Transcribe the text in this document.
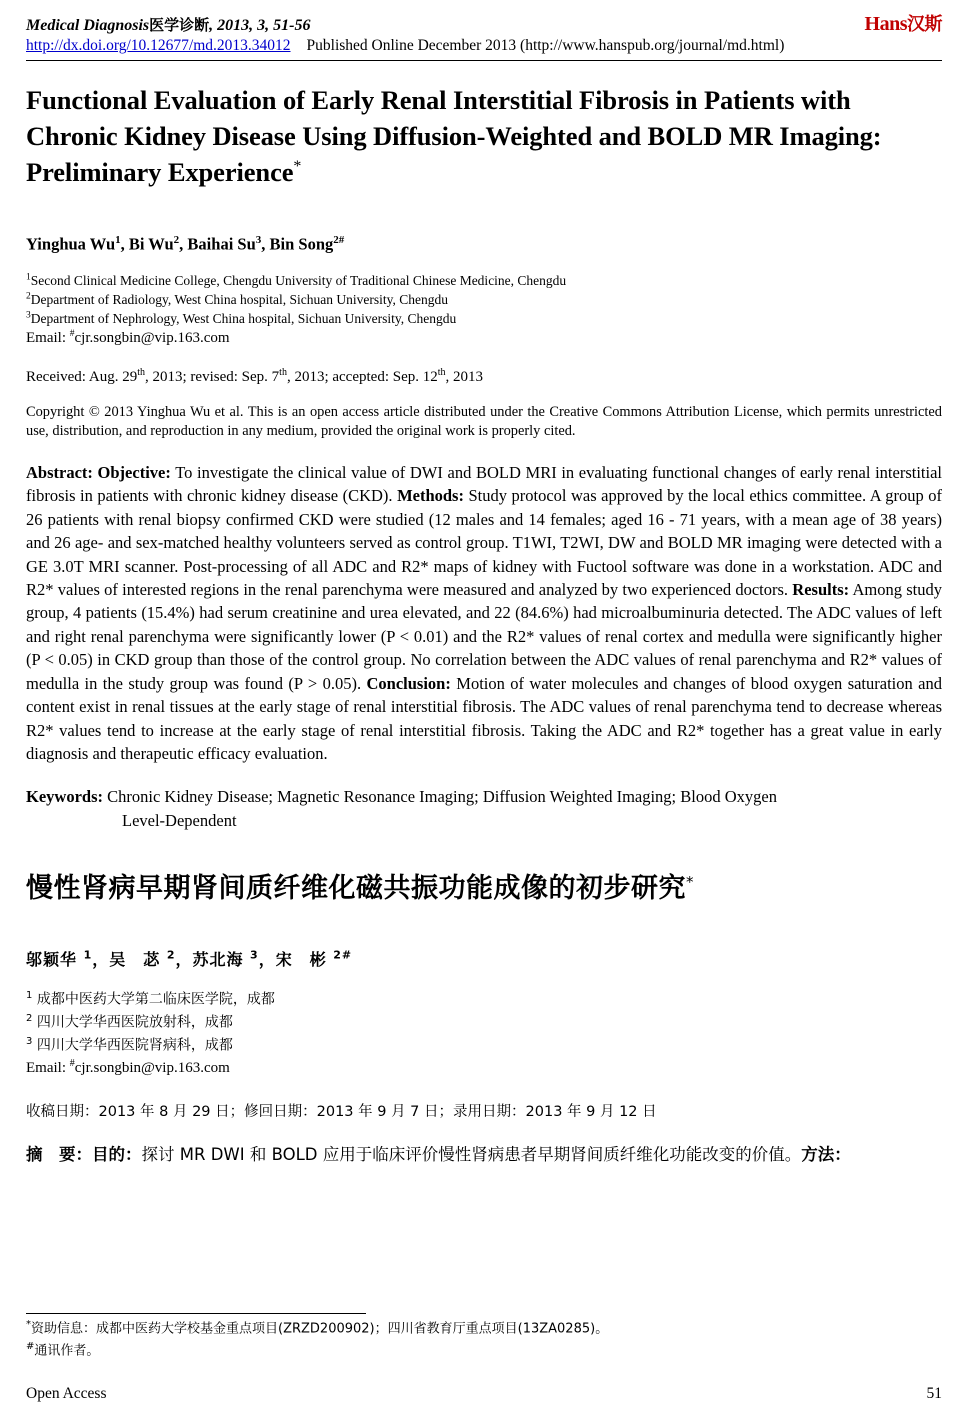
Medical Diagnosis医学诊断, 2013, 3, 51-56	Hans汉斯
http://dx.doi.org/10.12677/md.2013.34012 Published Online December 2013 (http://www.hanspub.org/journal/md.html)
Functional Evaluation of Early Renal Interstitial Fibrosis in Patients with Chronic Kidney Disease Using Diffusion-Weighted and BOLD MR Imaging: Preliminary Experience*
Yinghua Wu$^1$, Bi Wu$^2$, Baihai Su$^3$, Bin Song$^{2\#}$
$^1$Second Clinical Medicine College, Chengdu University of Traditional Chinese Medicine, Chengdu
$^2$Department of Radiology, West China hospital, Sichuan University, Chengdu
$^3$Department of Nephrology, West China hospital, Sichuan University, Chengdu
Email: #cjr.songbin@vip.163.com
Received: Aug. 29th, 2013; revised: Sep. 7th, 2013; accepted: Sep. 12th, 2013
Copyright © 2013 Yinghua Wu et al. This is an open access article distributed under the Creative Commons Attribution License, which permits unrestricted use, distribution, and reproduction in any medium, provided the original work is properly cited.
Abstract: Objective: To investigate the clinical value of DWI and BOLD MRI in evaluating functional changes of early renal interstitial fibrosis in patients with chronic kidney disease (CKD). Methods: Study protocol was approved by the local ethics committee. A group of 26 patients with renal biopsy confirmed CKD were studied (12 males and 14 females; aged 16 - 71 years, with a mean age of 38 years) and 26 age- and sex-matched healthy volunteers served as control group. T1WI, T2WI, DW and BOLD MR imaging were detected with a GE 3.0T MRI scanner. Post-processing of all ADC and R2* maps of kidney with Fuctool software was done in a workstation. ADC and R2* values of interested regions in the renal parenchyma were measured and analyzed by two experienced doctors. Results: Among study group, 4 patients (15.4%) had serum creatinine and urea elevated, and 22 (84.6%) had microalbuminuria detected. The ADC values of left and right renal parenchyma were significantly lower (P < 0.01) and the R2* values of renal cortex and medulla were significantly higher (P < 0.05) in CKD group than those of the control group. No correlation between the ADC values of renal parenchyma and R2* values of medulla in the study group was found (P > 0.05). Conclusion: Motion of water molecules and changes of blood oxygen saturation and content exist in renal tissues at the early stage of renal interstitial fibrosis. The ADC values of renal parenchyma tend to decrease whereas R2* values tend to increase at the early stage of renal interstitial fibrosis. Taking the ADC and R2* together has a great value in early diagnosis and therapeutic efficacy evaluation.
Keywords: Chronic Kidney Disease; Magnetic Resonance Imaging; Diffusion Weighted Imaging; Blood Oxygen
Level-Dependent
慢性肾病早期肾间质纤维化磁共振功能成像的初步研究*
邬颖华 $^1$，吴　苾 $^2$，苏北海 $^3$，宋　彬 $^{2\#}$
$^1$ 成都中医药大学第二临床医学院，成都
$^2$ 四川大学华西医院放射科，成都
$^3$ 四川大学华西医院肾病科，成都
Email: #cjr.songbin@vip.163.com
收稿日期：2013 年 8 月 29 日；修回日期：2013 年 9 月 7 日；录用日期：2013 年 9 月 12 日
摘　要：目的：探讨 MR DWI 和 BOLD 应用于临床评价慢性肾病患者早期肾间质纤维化功能改变的价值。方法：
*资助信息：成都中医药大学校基金重点项目(ZRZD200902)；四川省教育厅重点项目(13ZA0285)。
#通讯作者。
Open Access	51
